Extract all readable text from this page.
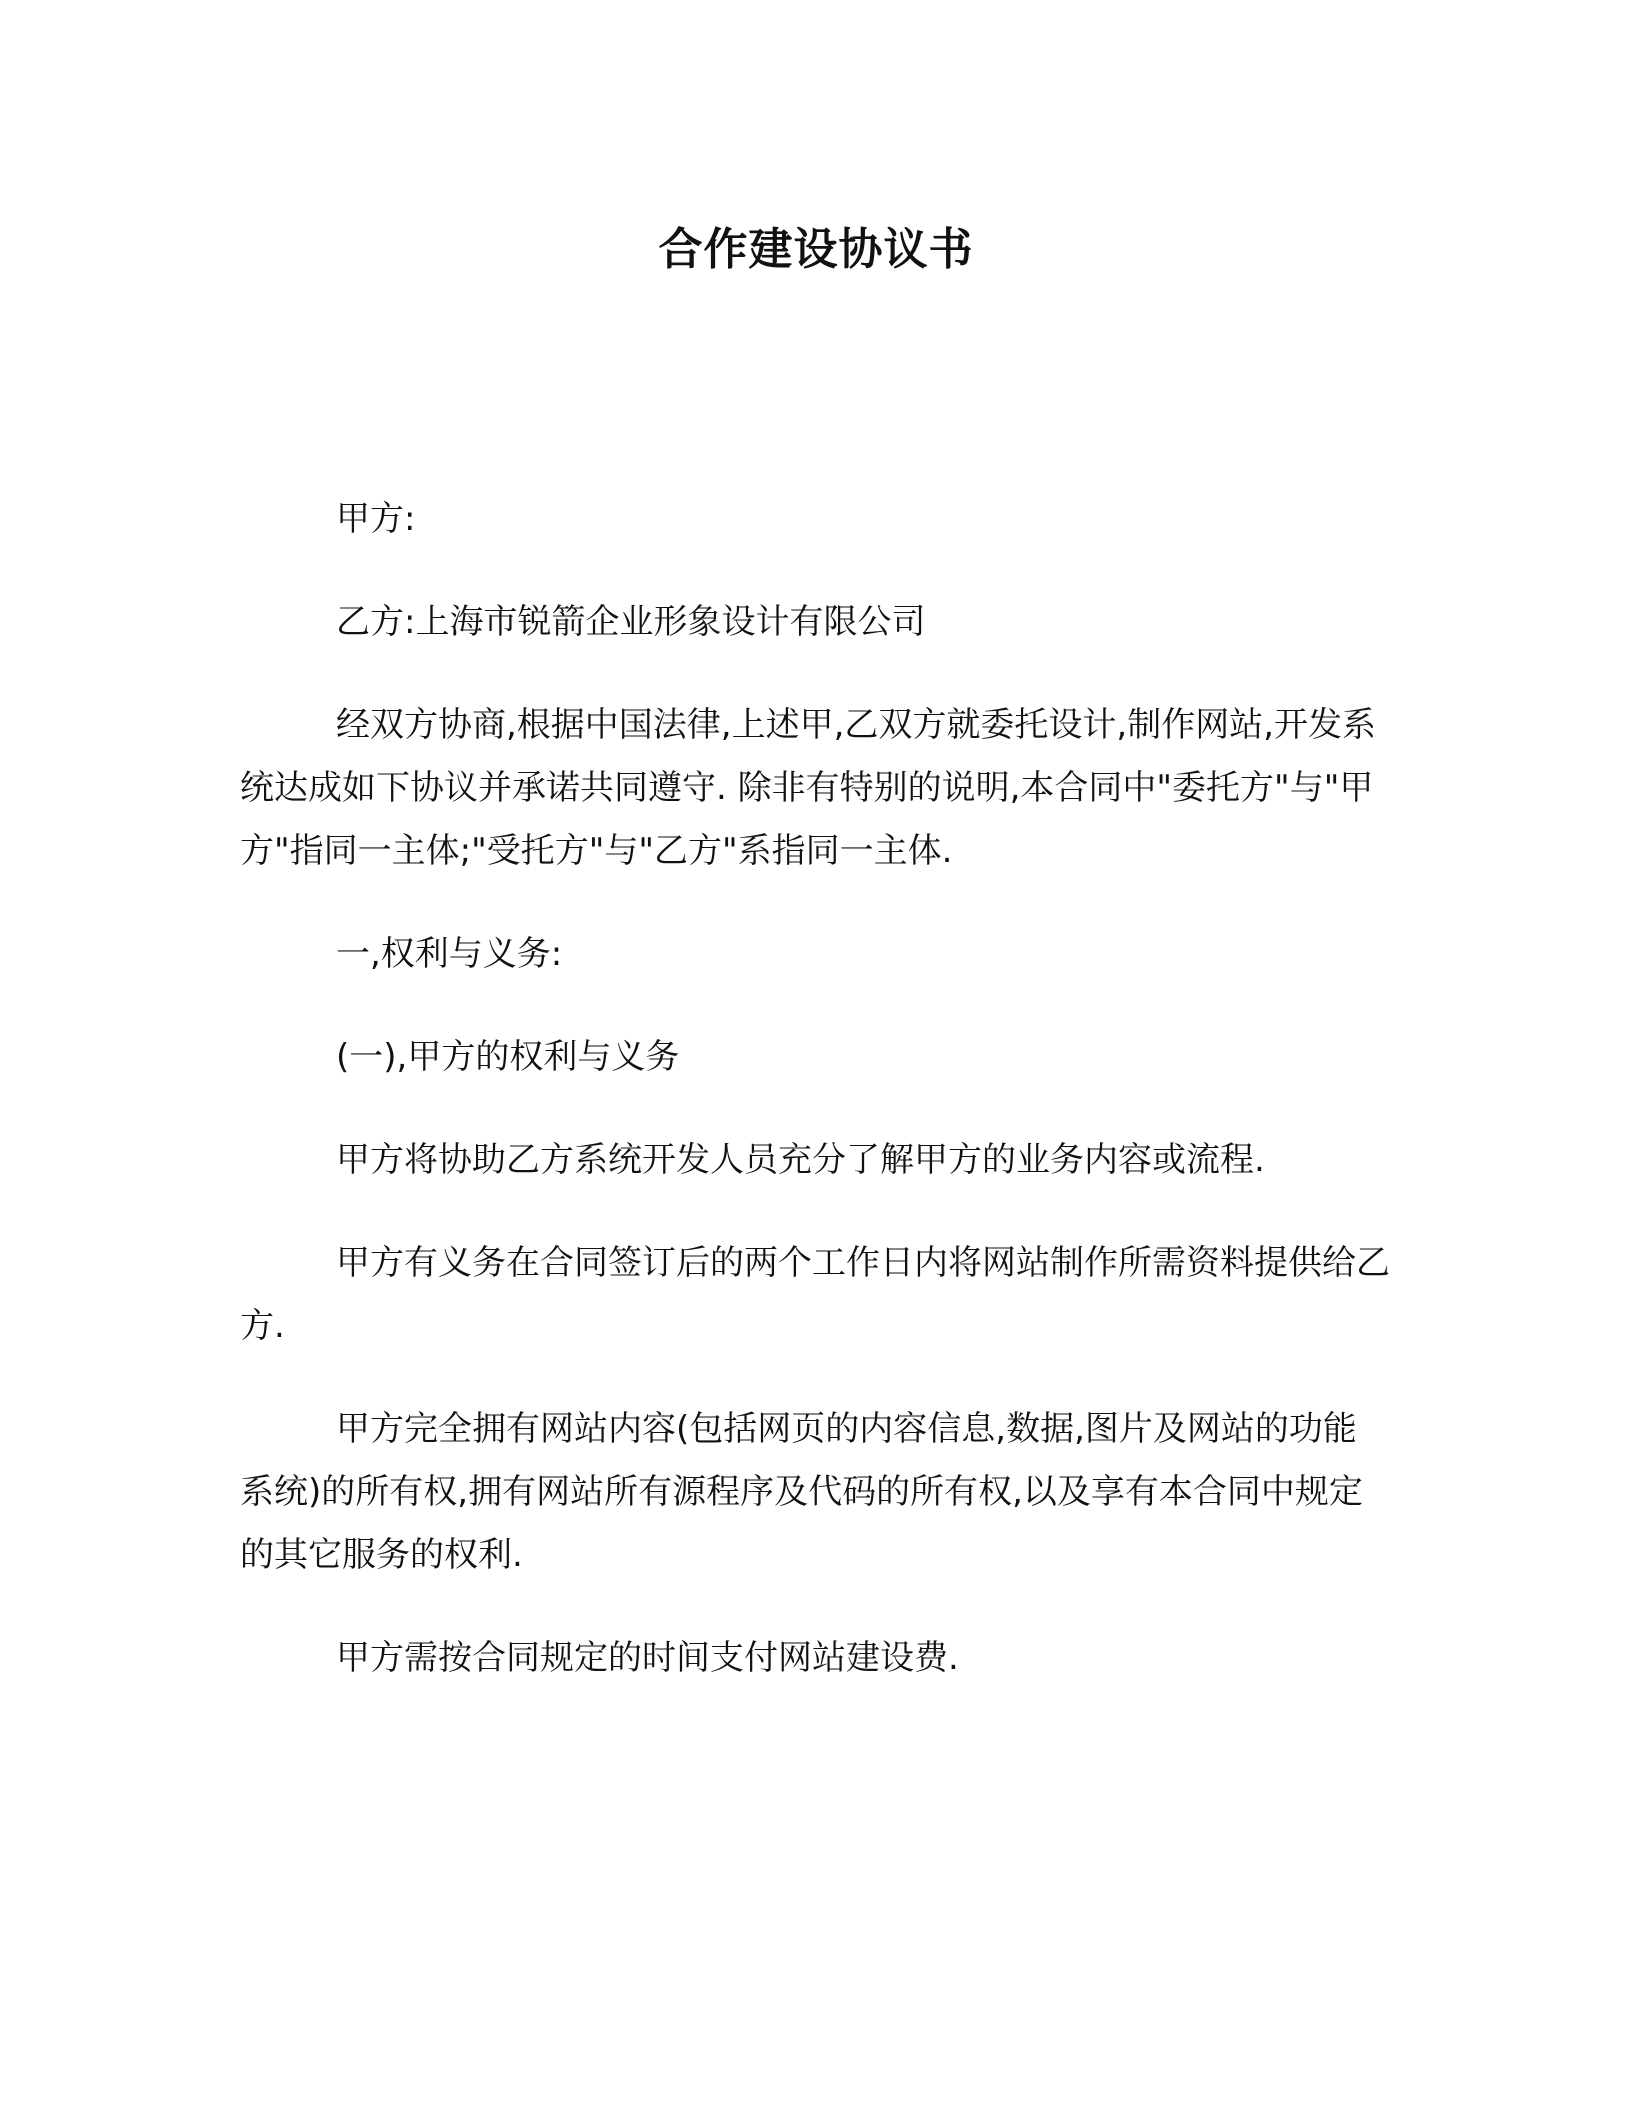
合作建设协议书

甲方:

乙方:上海市锐箭企业形象设计有限公司

经双方协商,根据中国法律,上述甲,乙双方就委托设计,制作网站,开发系统达成如下协议并承诺共同遵守. 除非有特别的说明,本合同中"委托方"与"甲方"指同一主体;"受托方"与"乙方"系指同一主体.

一,权利与义务:

(一),甲方的权利与义务

甲方将协助乙方系统开发人员充分了解甲方的业务内容或流程.

甲方有义务在合同签订后的两个工作日内将网站制作所需资料提供给乙方.

甲方完全拥有网站内容(包括网页的内容信息,数据,图片及网站的功能系统)的所有权,拥有网站所有源程序及代码的所有权,以及享有本合同中规定的其它服务的权利.

甲方需按合同规定的时间支付网站建设费.
